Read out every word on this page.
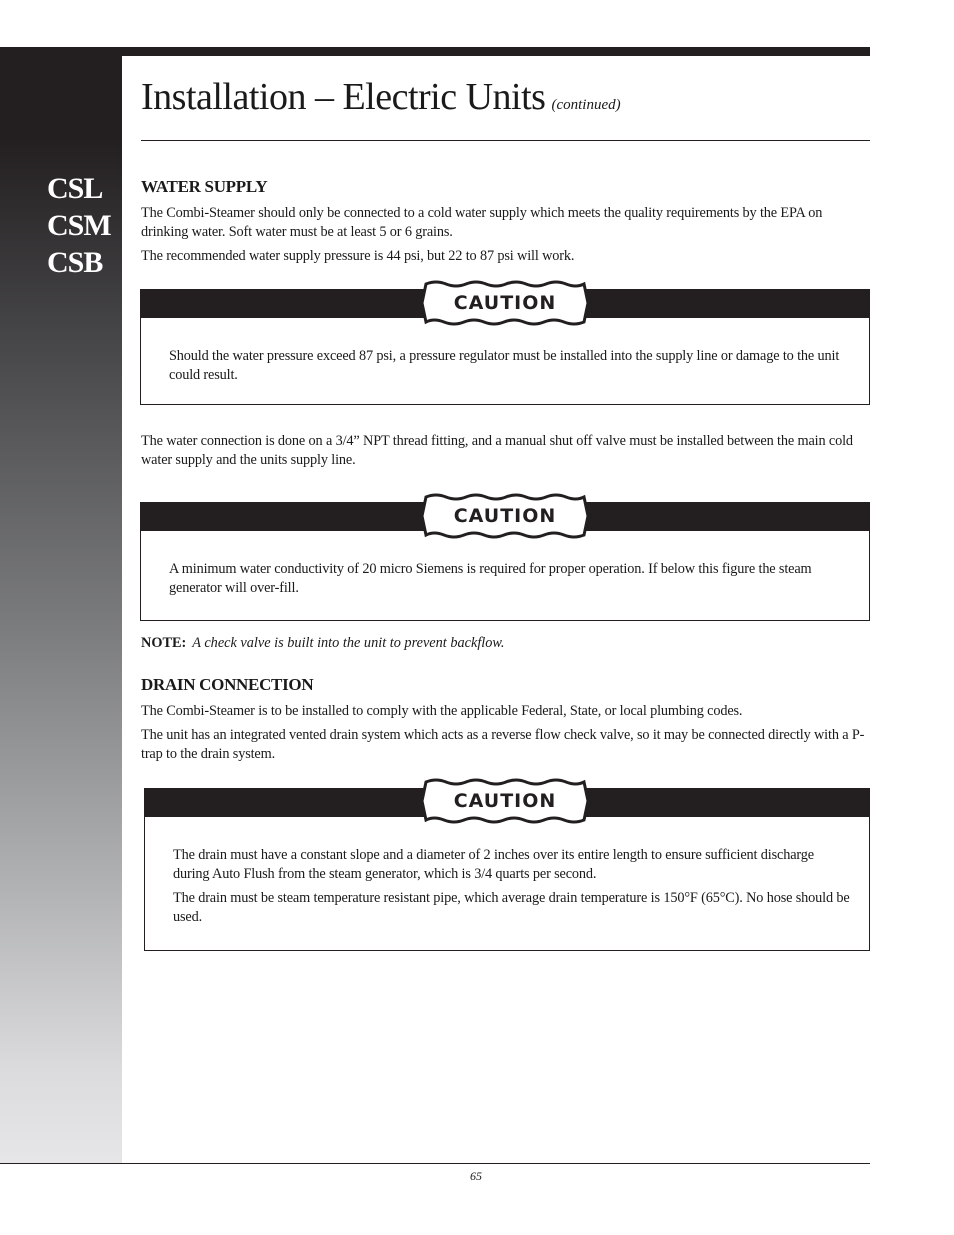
CSL
CSM
CSB
Installation – Electric Units (continued)
WATER SUPPLY
The Combi-Steamer should only be connected to a cold water supply which meets the quality requirements by the EPA on drinking water. Soft water must be at least 5 or 6 grains.
The recommended water supply pressure is 44 psi, but 22 to 87 psi will work.

Should the water pressure exceed 87 psi, a pressure regulator must be installed into the supply line or damage to the unit could result.

CAUTION
The water connection is done on a 3/4” NPT thread fitting, and a manual shut off valve must be installed between the main cold water supply and the units supply line.

A minimum water conductivity of 20 micro Siemens is required for proper operation. If below this figure the steam generator will over-fill.

CAUTION
NOTE: A check valve is built into the unit to prevent backflow.
DRAIN CONNECTION
The Combi-Steamer is to be installed to comply with the applicable Federal, State, or local plumbing codes.
The unit has an integrated vented drain system which acts as a reverse flow check valve, so it may be connected directly with a P-trap to the drain system.

The drain must have a constant slope and a diameter of 2 inches over its entire length to ensure sufficient discharge during Auto Flush from the steam generator, which is 3/4 quarts per second.

The drain must be steam temperature resistant pipe, which average drain temperature is 150°F (65°C). No hose should be used.

CAUTION
65
